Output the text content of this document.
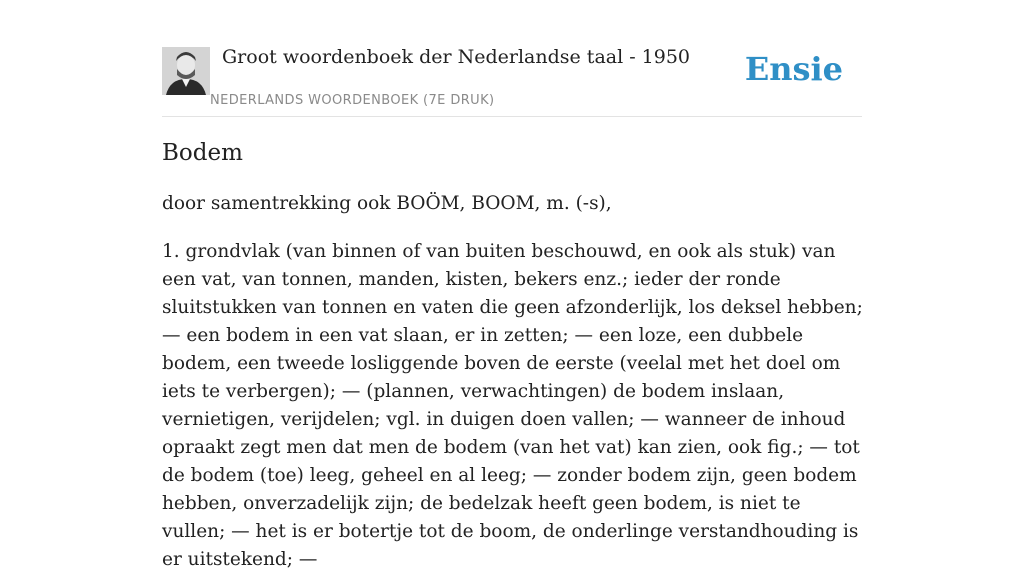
Groot woordenboek der Nederlandse taal - 1950
NEDERLANDS WOORDENBOEK (7E DRUK)
Ensie
Bodem

door samentrekking ook BOÖM, BOOM, m. (-s),

1. grondvlak (van binnen of van buiten beschouwd, en ook als stuk) van een vat, van tonnen, manden, kisten, bekers enz.; ieder der ronde sluitstukken van tonnen en vaten die geen afzonderlijk, los deksel hebben; — een bodem in een vat slaan, er in zetten; — een loze, een dubbele bodem, een tweede losliggende boven de eerste (veelal met het doel om iets te verbergen); — (plannen, verwachtingen) de bodem inslaan, vernietigen, verijdelen; vgl. in duigen doen vallen; — wanneer de inhoud opraakt zegt men dat men de bodem (van het vat) kan zien, ook fig.; — tot de bodem (toe) leeg, geheel en al leeg; — zonder bodem zijn, geen bodem hebben, onverzadelijk zijn; de bedelzak heeft geen bodem, is niet te vullen; — het is er botertje tot de boom, de onderlinge verstandhouding is er uitstekend; —
